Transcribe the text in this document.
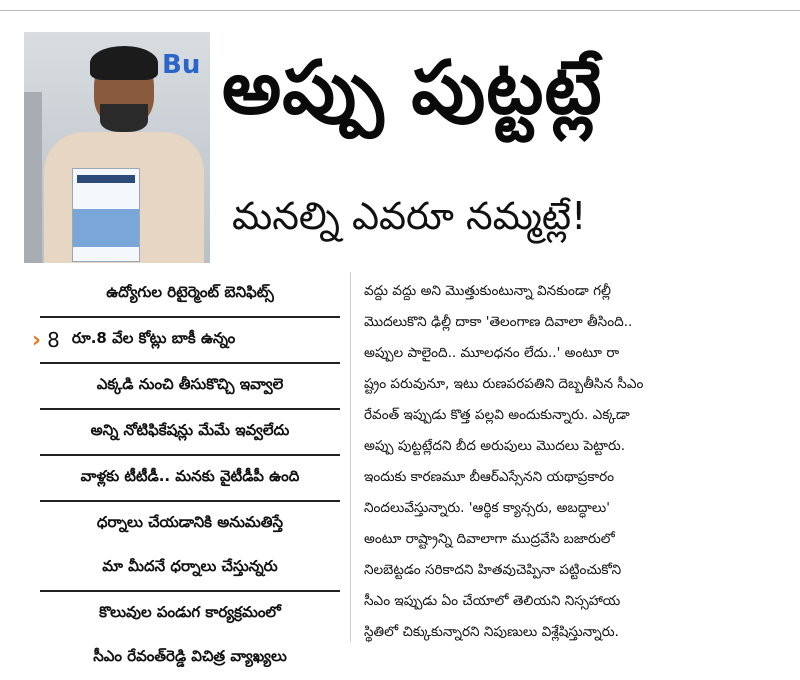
Bu అప్పు పుట్టట్లే
మనల్ని ఎవరూ నమ్మట్లే!
ఉద్యోగుల రిటైర్మెంట్ బెనిఫిట్స్
› 8 రూ.8 వేల కోట్లు బాకీ ఉన్నం
ఎక్కడి నుంచి తీసుకొచ్చి ఇవ్వాలె
అన్ని నోటిఫికేషన్లు మేమే ఇవ్వలేదు
వాళ్లకు టీటీడీ.. మనకు వైటీడీపీ ఉంది
ధర్నాలు చేయడానికి అనుమతిస్తే
మా మీదనే ధర్నాలు చేస్తున్నరు
కొలువుల పండుగ కార్యక్రమంలో
సీఎం రేవంత్‌రెడ్డి విచిత్ర వ్యాఖ్యలు

వద్దు వద్దు అని మొత్తుకుంటున్నా వినకుండా గల్లీ

మొదలుకొని ఢిల్లీ దాకా 'తెలంగాణ దివాలా తీసింది..

అప్పుల పాలైంది.. మూలధనం లేదు..' అంటూ రా

ష్ట్రం పరువునూ, ఇటు రుణపరపతిని దెబ్బతీసిన సీఎం

రేవంత్ ఇప్పుడు కొత్త పల్లవి అందుకున్నారు. ఎక్కడా

అప్పు పుట్టట్లేదని బీద అరుపులు మొదలు పెట్టారు.

ఇందుకు కారణమూ బీఆర్ఎస్సేనని యథాప్రకారం

నిందలువేస్తున్నారు. 'ఆర్థిక క్యాన్సరు, అబద్ధాలు'

అంటూ రాష్ట్రాన్ని దివాలాగా ముద్రవేసి బజారులో

నిలబెట్టడం సరికాదని హితవుచెప్పినా పట్టించుకోని

సీఎం ఇప్పుడు ఏం చేయాలో తెలియని నిస్సహాయ

స్థితిలో చిక్కుకున్నారని నిపుణులు విశ్లేషిస్తున్నారు.
